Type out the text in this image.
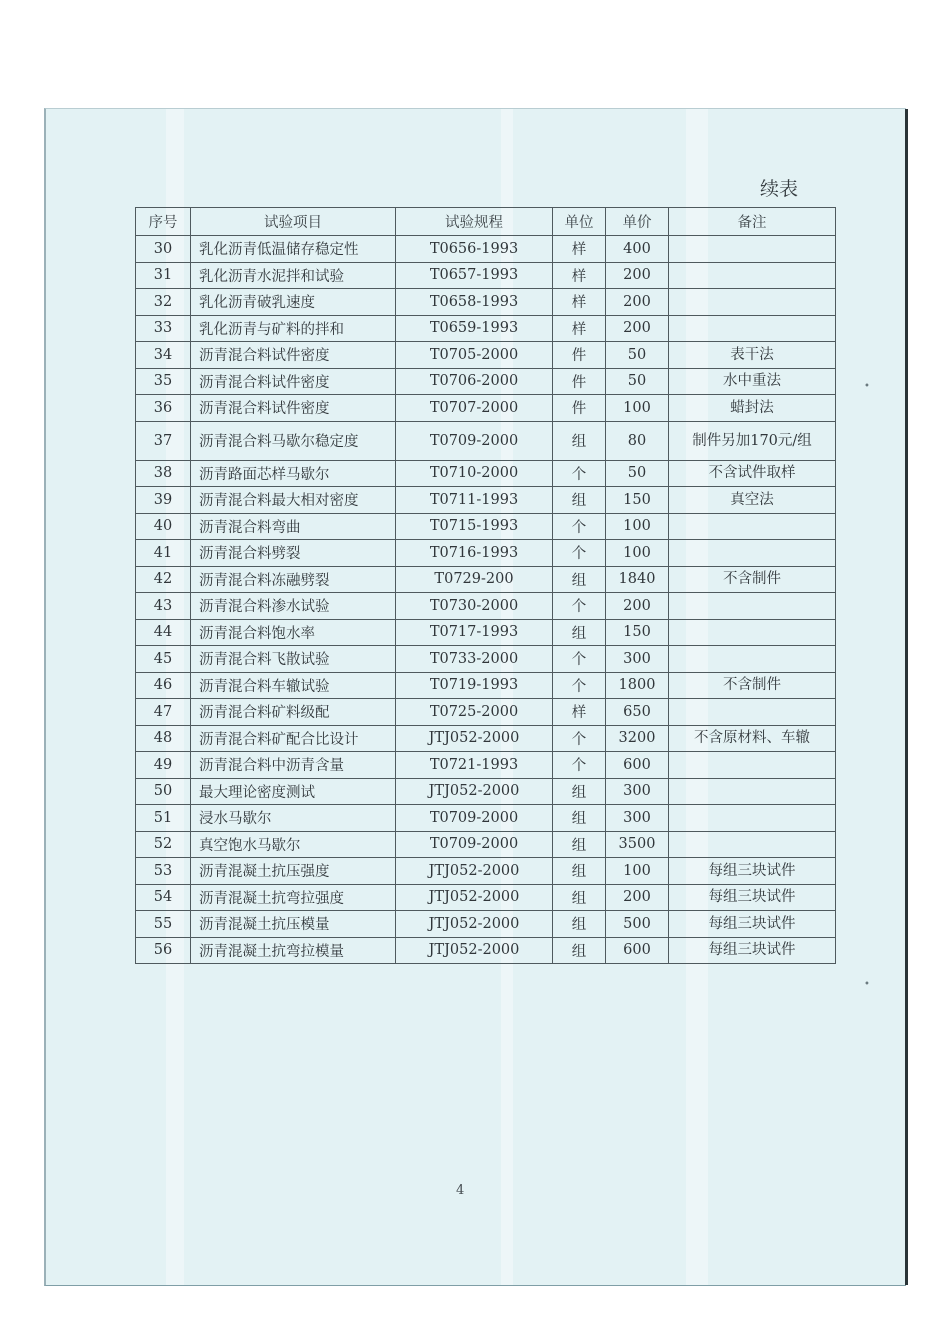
续表
序号	试验项目	试验规程	单位	单价	备注
30	乳化沥青低温储存稳定性	T0656-1993	样	400	
31	乳化沥青水泥拌和试验	T0657-1993	样	200	
32	乳化沥青破乳速度	T0658-1993	样	200	
33	乳化沥青与矿料的拌和	T0659-1993	样	200	
34	沥青混合料试件密度	T0705-2000	件	50	表干法
35	沥青混合料试件密度	T0706-2000	件	50	水中重法
36	沥青混合料试件密度	T0707-2000	件	100	蜡封法
37	沥青混合料马歇尔稳定度	T0709-2000	组	80	制件另加170元/组
38	沥青路面芯样马歇尔	T0710-2000	个	50	不含试件取样
39	沥青混合料最大相对密度	T0711-1993	组	150	真空法
40	沥青混合料弯曲	T0715-1993	个	100	
41	沥青混合料劈裂	T0716-1993	个	100	
42	沥青混合料冻融劈裂	T0729-200	组	1840	不含制件
43	沥青混合料渗水试验	T0730-2000	个	200	
44	沥青混合料饱水率	T0717-1993	组	150	
45	沥青混合料飞散试验	T0733-2000	个	300	
46	沥青混合料车辙试验	T0719-1993	个	1800	不含制件
47	沥青混合料矿料级配	T0725-2000	样	650	
48	沥青混合料矿配合比设计	JTJ052-2000	个	3200	不含原材料、车辙
49	沥青混合料中沥青含量	T0721-1993	个	600	
50	最大理论密度测试	JTJ052-2000	组	300	
51	浸水马歇尔	T0709-2000	组	300	
52	真空饱水马歇尔	T0709-2000	组	3500	
53	沥青混凝土抗压强度	JTJ052-2000	组	100	每组三块试件
54	沥青混凝土抗弯拉强度	JTJ052-2000	组	200	每组三块试件
55	沥青混凝土抗压模量	JTJ052-2000	组	500	每组三块试件
56	沥青混凝土抗弯拉模量	JTJ052-2000	组	600	每组三块试件
4
•
•
